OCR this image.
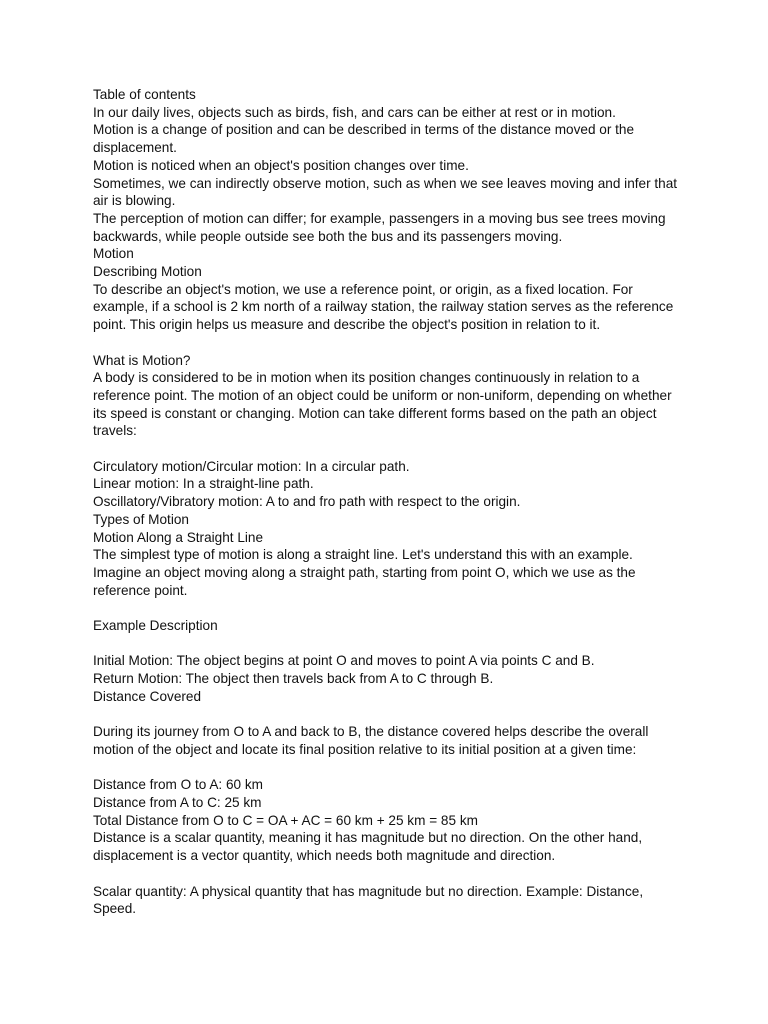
Table of contents
In our daily lives, objects such as birds, fish, and cars can be either at rest or in motion.
Motion is a change of position and can be described in terms of the distance moved or the displacement.
Motion is noticed when an object's position changes over time.
Sometimes, we can indirectly observe motion, such as when we see leaves moving and infer that air is blowing.
The perception of motion can differ; for example, passengers in a moving bus see trees moving backwards, while people outside see both the bus and its passengers moving.
Motion
Describing Motion
To describe an object's motion, we use a reference point, or origin, as a fixed location. For example, if a school is 2 km north of a railway station, the railway station serves as the reference point. This origin helps us measure and describe the object's position in relation to it.
What is Motion?
A body is considered to be in motion when its position changes continuously in relation to a reference point. The motion of an object could be uniform or non-uniform, depending on whether its speed is constant or changing. Motion can take different forms based on the path an object travels:
Circulatory motion/Circular motion: In a circular path.
Linear motion: In a straight-line path.
Oscillatory/Vibratory motion: A to and fro path with respect to the origin.
Types of Motion
Motion Along a Straight Line
The simplest type of motion is along a straight line. Let's understand this with an example. Imagine an object moving along a straight path, starting from point O, which we use as the reference point.
Example Description
Initial Motion: The object begins at point O and moves to point A via points C and B.
Return Motion: The object then travels back from A to C through B.
Distance Covered
During its journey from O to A and back to B, the distance covered helps describe the overall motion of the object and locate its final position relative to its initial position at a given time:
Distance from O to A: 60 km
Distance from A to C: 25 km
Total Distance from O to C = OA + AC = 60 km + 25 km = 85 km
Distance is a scalar quantity, meaning it has magnitude but no direction. On the other hand, displacement is a vector quantity, which needs both magnitude and direction.
Scalar quantity: A physical quantity that has magnitude but no direction. Example: Distance, Speed.
